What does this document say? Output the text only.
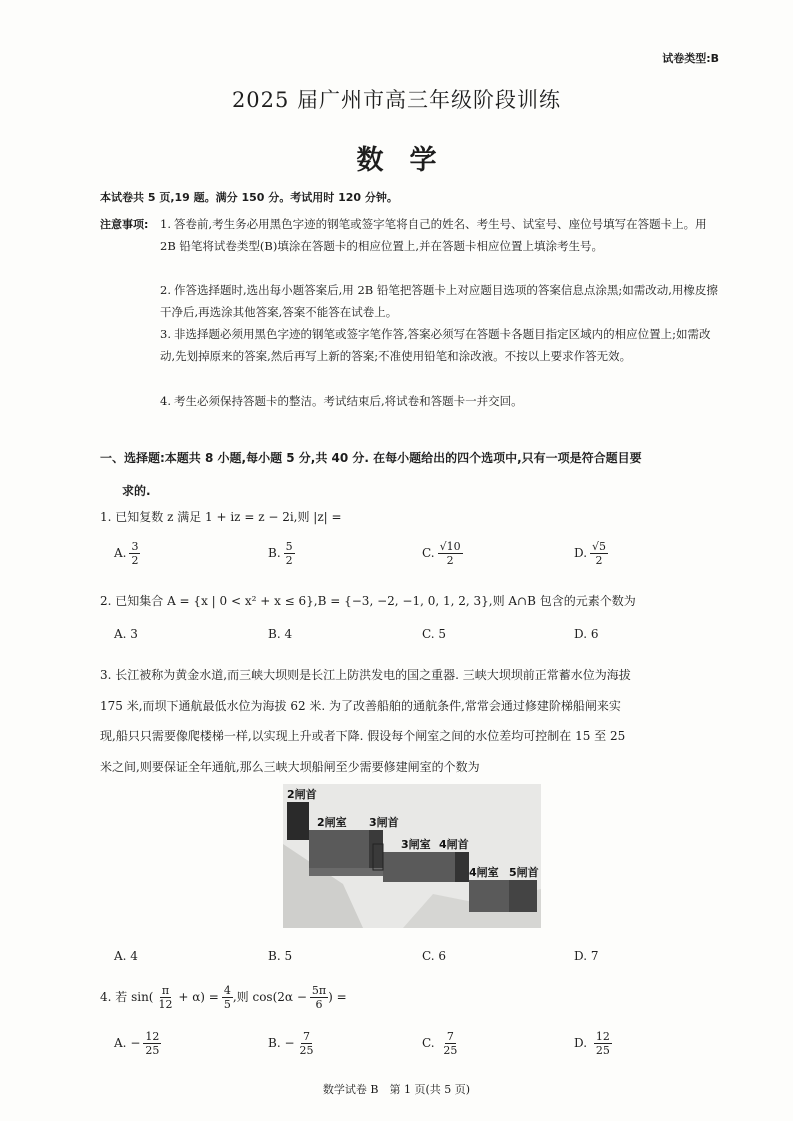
试卷类型:B
2025 届广州市高三年级阶段训练
数学
本试卷共 5 页,19 题。满分 150 分。考试用时 120 分钟。
注意事项: 1. 答卷前,考生务必用黑色字迹的钢笔或签字笔将自己的姓名、考生号、试室号、座位号填写在答题卡上。用 2B 铅笔将试卷类型(B)填涂在答题卡的相应位置上,并在答题卡相应位置上填涂考生号。
2. 作答选择题时,选出每小题答案后,用 2B 铅笔把答题卡上对应题目选项的答案信息点涂黑;如需改动,用橡皮擦干净后,再选涂其他答案,答案不能答在试卷上。
3. 非选择题必须用黑色字迹的钢笔或签字笔作答,答案必须写在答题卡各题目指定区域内的相应位置上;如需改动,先划掉原来的答案,然后再写上新的答案;不准使用铅笔和涂改液。不按以上要求作答无效。
4. 考生必须保持答题卡的整洁。考试结束后,将试卷和答题卡一并交回。
一、选择题:本题共 8 小题,每小题 5 分,共 40 分. 在每小题给出的四个选项中,只有一项是符合题目要
求的.
1. 已知复数 z 满足 1 + iz = z − 2i,则 |z| =
A. $\frac{3}{2}$	B. $\frac{5}{2}$	C. $\frac{√10}{2}$	D. $\frac{√5}{2}$
2. 已知集合 A = {x | 0 < x² + x ≤ 6},B = {−3, −2, −1, 0, 1, 2, 3},则 A∩B 包含的元素个数为
A. 3	B. 4	C. 5	D. 6
3. 长江被称为黄金水道,而三峡大坝则是长江上防洪发电的国之重器. 三峡大坝坝前正常蓄水位为海拔
175 米,而坝下通航最低水位为海拔 62 米. 为了改善船舶的通航条件,常常会通过修建阶梯船闸来实
现,船只只需要像爬楼梯一样,以实现上升或者下降. 假设每个闸室之间的水位差均可控制在 15 至 25
米之间,则要保证全年通航,那么三峡大坝船闸至少需要修建闸室的个数为
2闸首
2闸室 3闸首
3闸室 4闸首
4闸室 5闸首
A. 4	B. 5	C. 6	D. 7
4. 若 $\sin( \frac{\pi}{12} + \alpha) = \frac{4}{5}$ ,则 $\cos(2\alpha - \frac{5\pi}{6}$ ) =
A. − $\frac{12}{25}$	B. − $\frac{7}{25}$	C. $\frac{7}{25}$	D. $\frac{12}{25}$
数学试卷 B　第 1 页(共 5 页)
